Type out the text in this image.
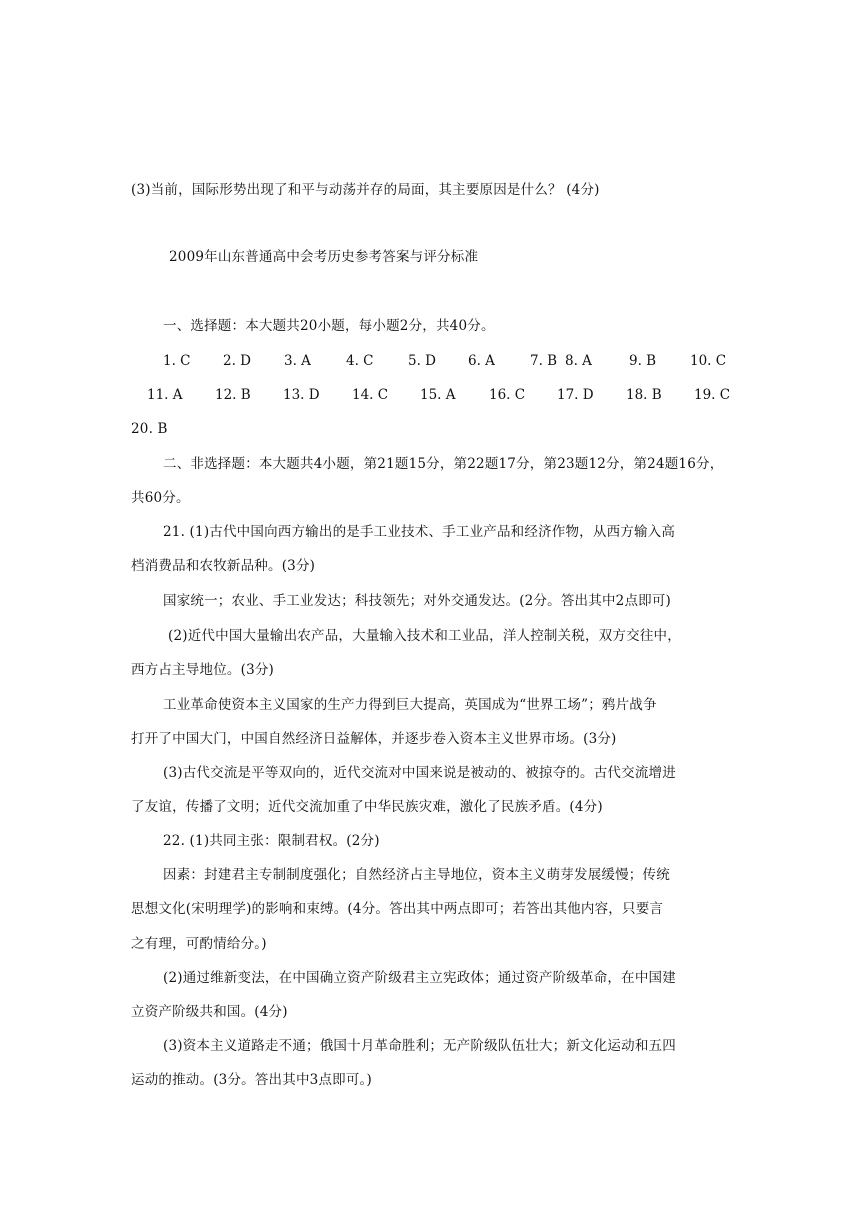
(3)当前，国际形势出现了和平与动荡并存的局面，其主要原因是什么？ (4分)
2009年山东普通高中会考历史参考答案与评分标准
一、选择题：本大题共20小题，每小题2分，共40分。
1. C 2. D 3. A	4. C	5. D 6. A	7. B 8. A	9. B	10. C
11. A 12. B 13. D 14. C 15. A 16. C 17. D 18. B 19. C
20. B
二、非选择题：本大题共4小题，第21题15分，第22题17分，第23题12分，第24题16分，
共60分。
21. (1)古代中国向西方输出的是手工业技术、手工业产品和经济作物，从西方输入高
档消费品和农牧新品种。(3分)
国家统一；农业、手工业发达；科技领先；对外交通发达。(2分。答出其中2点即可)
(2)近代中国大量输出农产品，大量输入技术和工业品，洋人控制关税，双方交往中，
西方占主导地位。(3分)
工业革命使资本主义国家的生产力得到巨大提高，英国成为“世界工场”；鸦片战争
打开了中国大门，中国自然经济日益解体，并逐步卷入资本主义世界市场。(3分)
(3)古代交流是平等双向的，近代交流对中国来说是被动的、被掠夺的。古代交流增进
了友谊，传播了文明；近代交流加重了中华民族灾难，激化了民族矛盾。(4分)
22. (1)共同主张：限制君权。(2分)
因素：封建君主专制制度强化；自然经济占主导地位，资本主义萌芽发展缓慢；传统
思想文化(宋明理学)的影响和束缚。(4分。答出其中两点即可；若答出其他内容，只要言
之有理，可酌情给分。)
(2)通过维新变法，在中国确立资产阶级君主立宪政体；通过资产阶级革命，在中国建
立资产阶级共和国。(4分)
(3)资本主义道路走不通；俄国十月革命胜利；无产阶级队伍壮大；新文化运动和五四
运动的推动。(3分。答出其中3点即可。)
